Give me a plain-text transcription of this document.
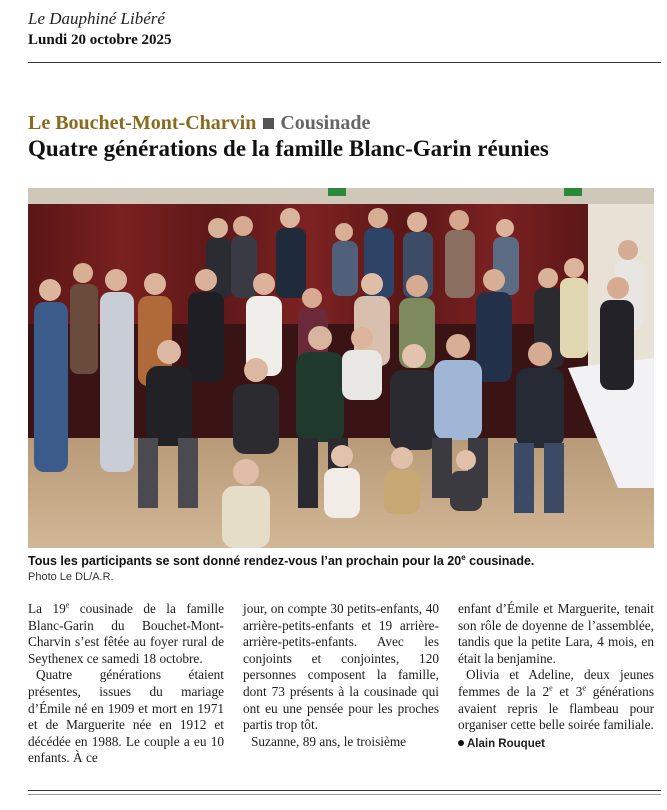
Le Dauphiné Libéré
Lundi 20 octobre 2025
Le Bouchet-Mont-Charvin Cousinade
Quatre générations de la famille Blanc-Garin réunies
Tous les participants se sont donné rendez-vous l’an prochain pour la 20e cousinade.
Photo Le DL/A.R.

La 19e cousinade de la famille Blanc-Garin du Bouchet-Mont-Charvin s’est fêtée au foyer rural de Seythenex ce samedi 18 octobre.

Quatre générations étaient présentes, issues du mariage d’Émile né en 1909 et mort en 1971 et de Marguerite née en 1912 et décédée en 1988. Le couple a eu 10 enfants. À ce

jour, on compte 30 petits-enfants, 40 arrière-petits-enfants et 19 arrière-arrière-petits-enfants. Avec les conjoints et conjointes, 120 personnes composent la famille, dont 73 présents à la cousinade qui ont eu une pensée pour les proches partis trop tôt.

Suzanne, 89 ans, le troisième

enfant d’Émile et Marguerite, tenait son rôle de doyenne de l’assemblée, tandis que la petite Lara, 4 mois, en était la benjamine.

Olivia et Adeline, deux jeunes femmes de la 2e et 3e générations avaient repris le flambeau pour organiser cette belle soirée familiale.

Alain Rouquet
